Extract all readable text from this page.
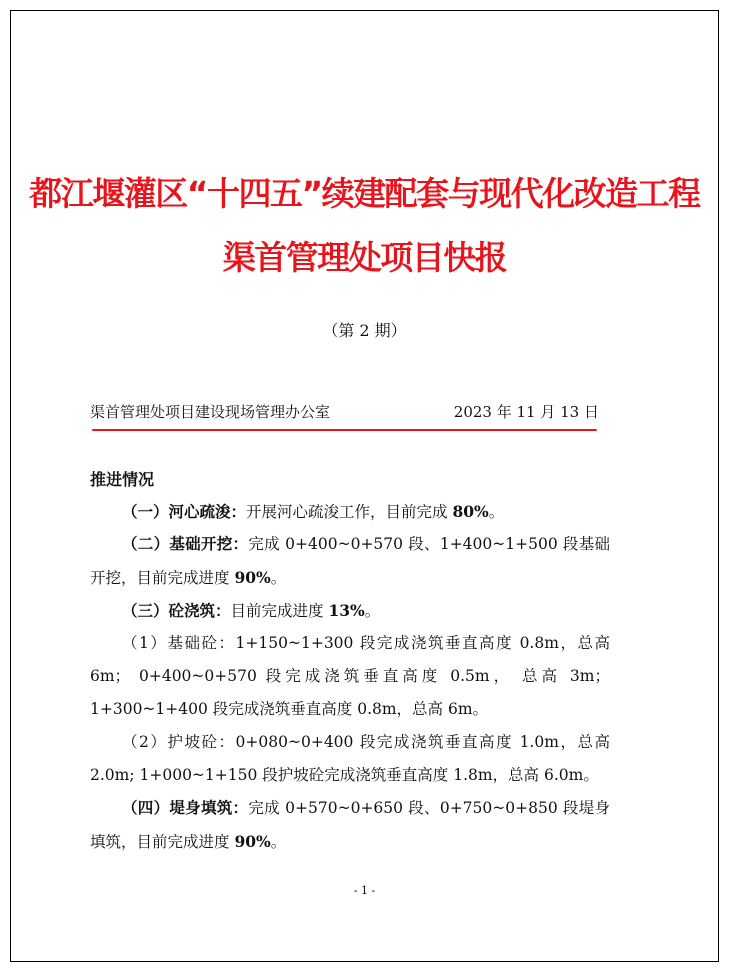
都江堰灌区“十四五”续建配套与现代化改造工程
渠首管理处项目快报
（第 2 期）
渠首管理处项目建设现场管理办公室	2023 年 11 月 13 日
推进情况
（一）河心疏浚：开展河心疏浚工作，目前完成 80%。
（二）基础开挖：完成 0+400~0+570 段、1+400~1+500 段基础开挖，目前完成进度 90%。
（三）砼浇筑：目前完成进度 13%。
（1）基础砼：1+150~1+300 段完成浇筑垂直高度 0.8m，总高 6m； 0+400~0+570 段完成浇筑垂直高度 0.5m， 总高 3m； 1+300~1+400 段完成浇筑垂直高度 0.8m，总高 6m。
（2）护坡砼：0+080~0+400 段完成浇筑垂直高度 1.0m，总高 2.0m; 1+000~1+150 段护坡砼完成浇筑垂直高度 1.8m，总高 6.0m。
（四）堤身填筑：完成 0+570~0+650 段、0+750~0+850 段堤身填筑，目前完成进度 90%。
- 1 -
